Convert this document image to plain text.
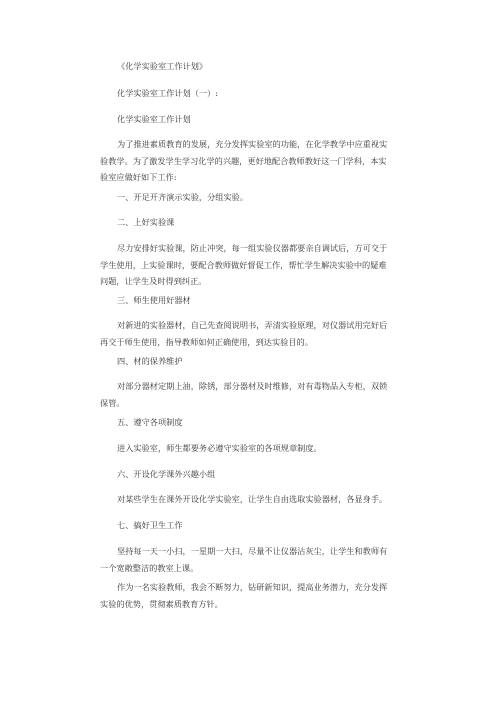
《化学实验室工作计划》
化学实验室工作计划（一）:
化学实验室工作计划
为了推进素质教育的发展，充分发挥实验室的功能，在化学教学中应重视实
验教学。为了激发学生学习化学的兴趣，更好地配合教师教好这一门学科，本实
验室应做好如下工作:
一、开足开齐演示实验，分组实验。
二、上好实验课
尽力安排好实验课，防止冲突，每一组实验仪器都要亲自调试后，方可交于
学生使用，上实验课时，要配合教师做好督促工作，帮忙学生解决实验中的疑难
问题，让学生及时得到纠正。
三、师生使用好器材
对新进的实验器材，自己先查阅说明书，弄清实验原理，对仪器试用完好后
再交于师生使用，指导教师如何正确使用，到达实验目的。
四、材的保养维护
对部分器材定期上油，除锈，部分器材及时维修，对有毒物品入专柜，双锁
保管。
五、遵守各项制度
进入实验室，师生都要务必遵守实验室的各项规章制度。
六、开设化学课外兴趣小组
对某些学生在课外开设化学实验室，让学生自由选取实验器材，各显身手。
七、搞好卫生工作
坚持每一天一小扫，一星期一大扫，尽量不让仪器沾灰尘，让学生和教师有
一个宽敞整洁的教室上课。
作为一名实验教师，我会不断努力，钻研新知识，提高业务潜力，充分发挥
实验的优势，贯彻素质教育方针。
